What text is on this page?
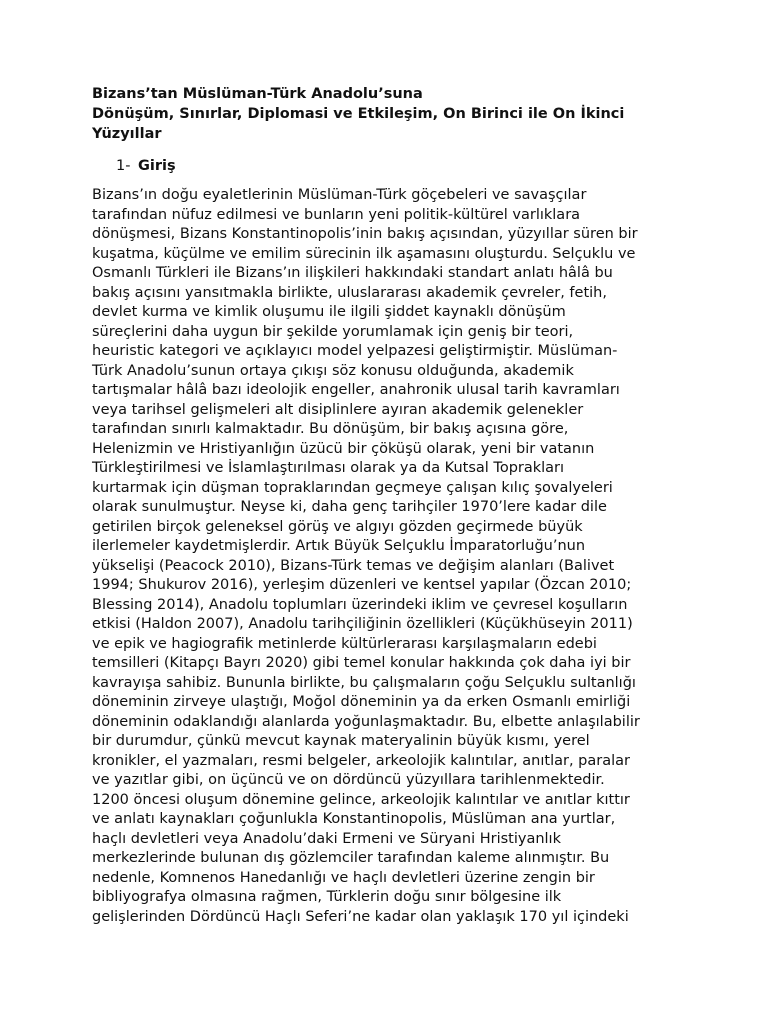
Bizans’tan Müslüman-Türk Anadolu’suna
Dönüşüm, Sınırlar, Diplomasi ve Etkileşim, On Birinci ile On İkinci
Yüzyıllar
1- Giriş
Bizans’ın doğu eyaletlerinin Müslüman-Türk göçebeleri ve savaşçılar
tarafından nüfuz edilmesi ve bunların yeni politik-kültürel varlıklara
dönüşmesi, Bizans Konstantinopolis’inin bakış açısından, yüzyıllar süren bir
kuşatma, küçülme ve emilim sürecinin ilk aşamasını oluşturdu. Selçuklu ve
Osmanlı Türkleri ile Bizans’ın ilişkileri hakkındaki standart anlatı hâlâ bu
bakış açısını yansıtmakla birlikte, uluslararası akademik çevreler, fetih,
devlet kurma ve kimlik oluşumu ile ilgili şiddet kaynaklı dönüşüm
süreçlerini daha uygun bir şekilde yorumlamak için geniş bir teori,
heuristic kategori ve açıklayıcı model yelpazesi geliştirmiştir. Müslüman-
Türk Anadolu’sunun ortaya çıkışı söz konusu olduğunda, akademik
tartışmalar hâlâ bazı ideolojik engeller, anahronik ulusal tarih kavramları
veya tarihsel gelişmeleri alt disiplinlere ayıran akademik gelenekler
tarafından sınırlı kalmaktadır. Bu dönüşüm, bir bakış açısına göre,
Helenizmin ve Hristiyanlığın üzücü bir çöküşü olarak, yeni bir vatanın
Türkleştirilmesi ve İslamlaştırılması olarak ya da Kutsal Toprakları
kurtarmak için düşman topraklarından geçmeye çalışan kılıç şovalyeleri
olarak sunulmuştur. Neyse ki, daha genç tarihçiler 1970’lere kadar dile
getirilen birçok geleneksel görüş ve algıyı gözden geçirmede büyük
ilerlemeler kaydetmişlerdir. Artık Büyük Selçuklu İmparatorluğu’nun
yükselişi (Peacock 2010), Bizans-Türk temas ve değişim alanları (Balivet
1994; Shukurov 2016), yerleşim düzenleri ve kentsel yapılar (Özcan 2010;
Blessing 2014), Anadolu toplumları üzerindeki iklim ve çevresel koşulların
etkisi (Haldon 2007), Anadolu tarihçiliğinin özellikleri (Küçükhüseyin 2011)
ve epik ve hagiografik metinlerde kültürlerarası karşılaşmaların edebi
temsilleri (Kitapçı Bayrı 2020) gibi temel konular hakkında çok daha iyi bir
kavrayışa sahibiz. Bununla birlikte, bu çalışmaların çoğu Selçuklu sultanlığı
döneminin zirveye ulaştığı, Moğol döneminin ya da erken Osmanlı emirliği
döneminin odaklandığı alanlarda yoğunlaşmaktadır. Bu, elbette anlaşılabilir
bir durumdur, çünkü mevcut kaynak materyalinin büyük kısmı, yerel
kronikler, el yazmaları, resmi belgeler, arkeolojik kalıntılar, anıtlar, paralar
ve yazıtlar gibi, on üçüncü ve on dördüncü yüzyıllara tarihlenmektedir.
1200 öncesi oluşum dönemine gelince, arkeolojik kalıntılar ve anıtlar kıttır
ve anlatı kaynakları çoğunlukla Konstantinopolis, Müslüman ana yurtlar,
haçlı devletleri veya Anadolu’daki Ermeni ve Süryani Hristiyanlık
merkezlerinde bulunan dış gözlemciler tarafından kaleme alınmıştır. Bu
nedenle, Komnenos Hanedanlığı ve haçlı devletleri üzerine zengin bir
bibliyografya olmasına rağmen, Türklerin doğu sınır bölgesine ilk
gelişlerinden Dördüncü Haçlı Seferi’ne kadar olan yaklaşık 170 yıl içindeki
